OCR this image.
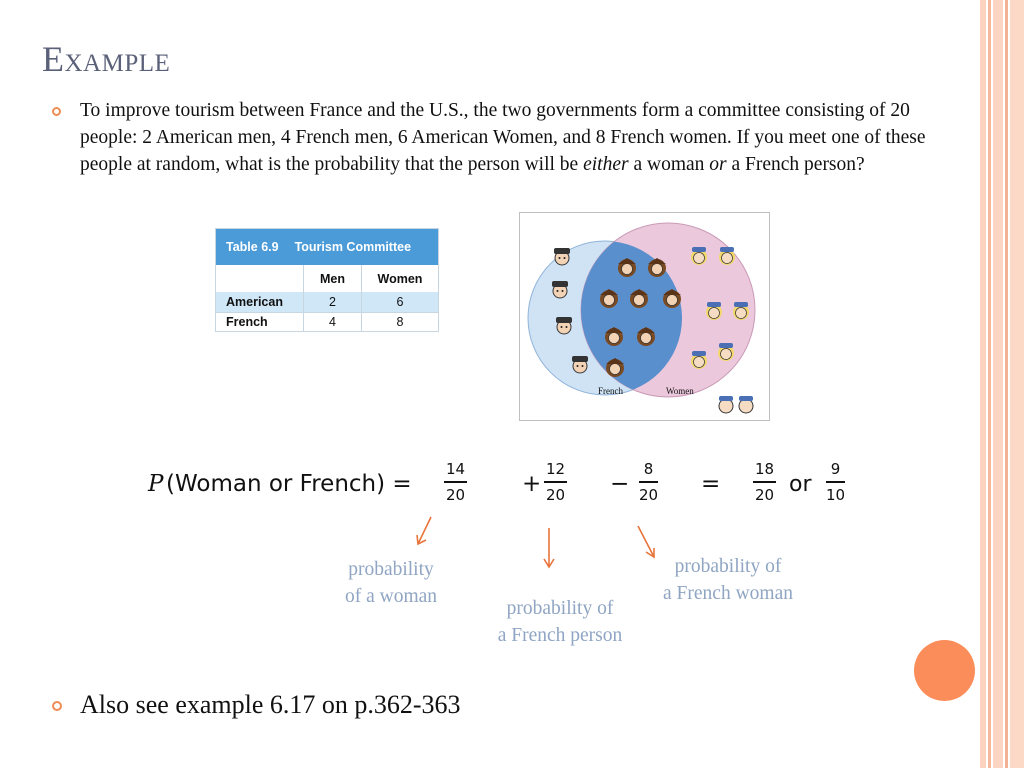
Example
To improve tourism between France and the U.S., the two governments form a committee consisting of 20 people: 2 American men, 4 French men, 6 American Women, and 8 French women. If you meet one of these people at random, what is the probability that the person will be either a woman or a French person?
Table 6.9 Tourism Committee
Men	Women
American	2	6
French	4	8
French	Women
P (Woman or French) =
14
20 +
12
20 −
8
20 =
18
20 or
9
10
probability
of a woman
probability of
a French person
probability of
a French woman
Also see example 6.17 on p.362-363
